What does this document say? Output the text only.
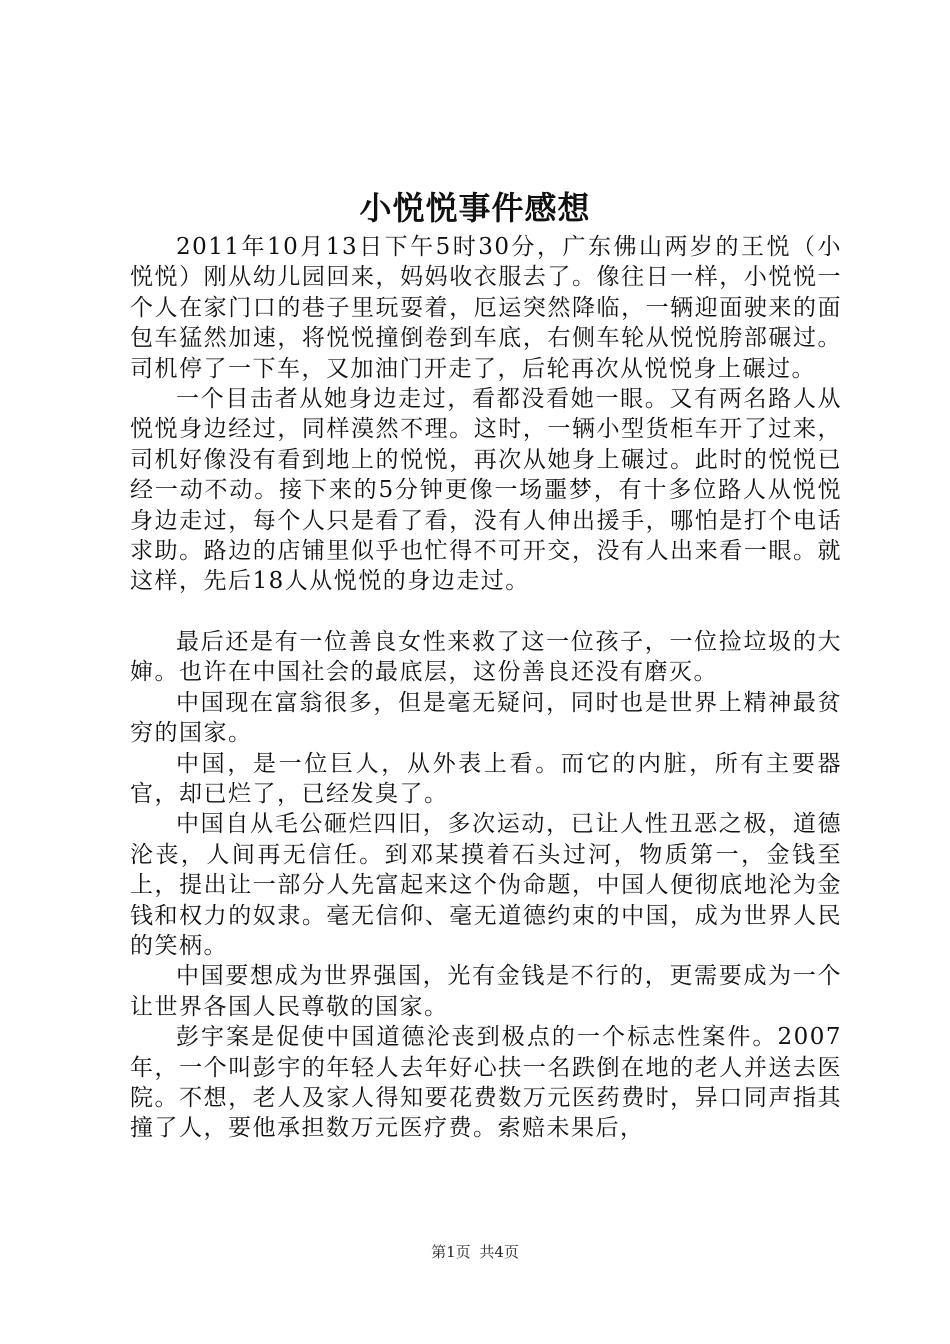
小悦悦事件感想

2011年10月13日下午5时30分，广东佛山两岁的王悦（小悦悦）刚从幼儿园回来，妈妈收衣服去了。像往日一样，小悦悦一个人在家门口的巷子里玩耍着，厄运突然降临，一辆迎面驶来的面包车猛然加速，将悦悦撞倒卷到车底，右侧车轮从悦悦胯部碾过。司机停了一下车，又加油门开走了，后轮再次从悦悦身上碾过。

一个目击者从她身边走过，看都没看她一眼。又有两名路人从悦悦身边经过，同样漠然不理。这时，一辆小型货柜车开了过来，司机好像没有看到地上的悦悦，再次从她身上碾过。此时的悦悦已经一动不动。接下来的5分钟更像一场噩梦，有十多位路人从悦悦身边走过，每个人只是看了看，没有人伸出援手，哪怕是打个电话求助。路边的店铺里似乎也忙得不可开交，没有人出来看一眼。就这样，先后18人从悦悦的身边走过。

最后还是有一位善良女性来救了这一位孩子，一位捡垃圾的大婶。也许在中国社会的最底层，这份善良还没有磨灭。

中国现在富翁很多，但是毫无疑问，同时也是世界上精神最贫穷的国家。

中国，是一位巨人，从外表上看。而它的内脏，所有主要器官，却已烂了，已经发臭了。

中国自从毛公砸烂四旧，多次运动，已让人性丑恶之极，道德沦丧，人间再无信任。到邓某摸着石头过河，物质第一，金钱至上，提出让一部分人先富起来这个伪命题，中国人便彻底地沦为金钱和权力的奴隶。毫无信仰、毫无道德约束的中国，成为世界人民的笑柄。

中国要想成为世界强国，光有金钱是不行的，更需要成为一个让世界各国人民尊敬的国家。

彭宇案是促使中国道德沦丧到极点的一个标志性案件。2007年，一个叫彭宇的年轻人去年好心扶一名跌倒在地的老人并送去医院。不想，老人及家人得知要花费数万元医药费时，异口同声指其撞了人，要他承担数万元医疗费。索赔未果后，

第1页 共4页
